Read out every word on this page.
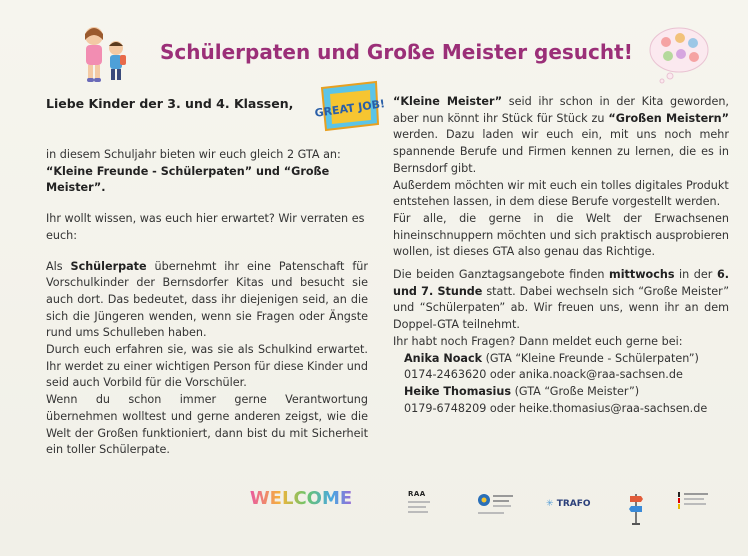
Schülerpaten und Große Meister gesucht!
Liebe Kinder der 3. und 4. Klassen, GREAT JOB!

in diesem Schuljahr bieten wir euch gleich 2 GTA an:

“Kleine Freunde - Schülerpaten” und “Große Meister”.

Ihr wollt wissen, was euch hier erwartet? Wir verraten es euch:

Als Schülerpate übernehmt ihr eine Patenschaft für Vorschulkinder der Bernsdorfer Kitas und besucht sie auch dort. Das bedeutet, dass ihr diejenigen seid, an die sich die Jüngeren wenden, wenn sie Fragen oder Ängste rund ums Schulleben haben.

Durch euch erfahren sie, was sie als Schulkind erwartet. Ihr werdet zu einer wichtigen Person für diese Kinder und seid auch Vorbild für die Vorschüler.

Wenn du schon immer gerne Verantwortung übernehmen wolltest und gerne anderen zeigst, wie die Welt der Großen funktioniert, dann bist du mit Sicherheit ein toller Schülerpate.

“Kleine Meister” seid ihr schon in der Kita geworden, aber nun könnt ihr Stück für Stück zu “Großen Meistern” werden. Dazu laden wir euch ein, mit uns noch mehr spannende Berufe und Firmen kennen zu lernen, die es in Bernsdorf gibt.

Außerdem möchten wir mit euch ein tolles digitales Produkt entstehen lassen, in dem diese Berufe vorgestellt werden.

Für alle, die gerne in die Welt der Erwachsenen hineinschnuppern möchten und sich praktisch ausprobieren wollen, ist dieses GTA also genau das Richtige.

Die beiden Ganztagsangebote finden mittwochs in der 6. und 7. Stunde statt. Dabei wechseln sich “Große Meister” und “Schülerpaten” ab. Wir freuen uns, wenn ihr an dem Doppel-GTA teilnehmt.

Ihr habt noch Fragen? Dann meldet euch gerne bei:

Anika Noack (GTA “Kleine Freunde - Schülerpaten”)

0174-2463620 oder anika.noack@raa-sachsen.de

Heike Thomasius (GTA “Große Meister”)

0179-6748209 oder heike.thomasius@raa-sachsen.de

WELCOME	RAA
✳ TRAFO
